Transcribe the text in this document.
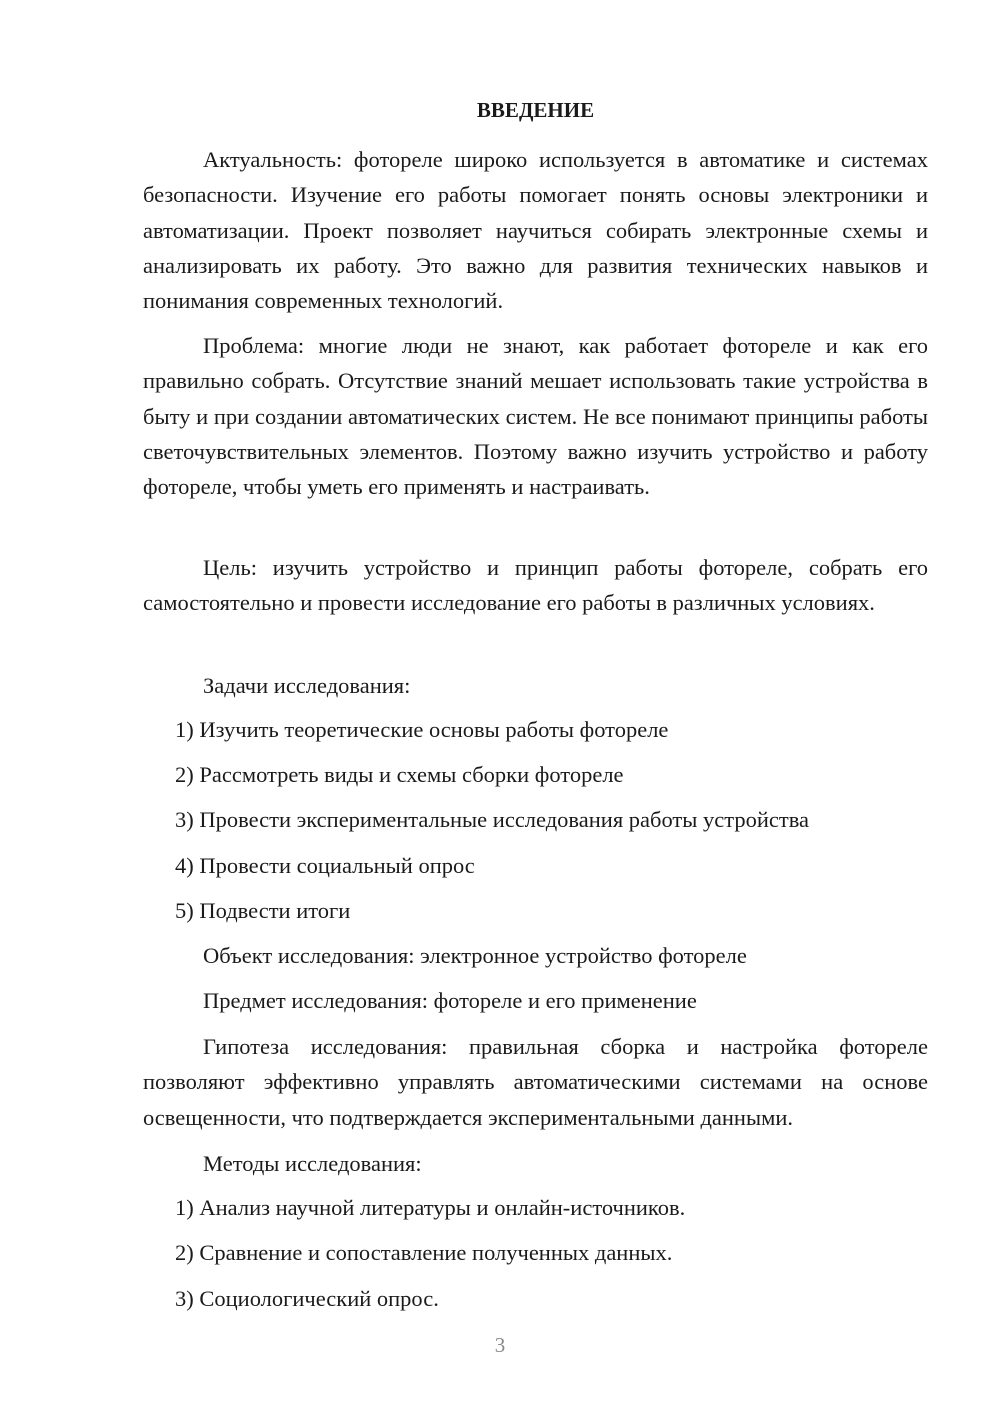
ВВЕДЕНИЕ

Актуальность: фотореле широко используется в автоматике и системах безопасности. Изучение его работы помогает понять основы электроники и автоматизации. Проект позволяет научиться собирать электронные схемы и анализировать их работу. Это важно для развития технических навыков и понимания современных технологий.

Проблема: многие люди не знают, как работает фотореле и как его правильно собрать. Отсутствие знаний мешает использовать такие устройства в быту и при создании автоматических систем. Не все понимают принципы работы светочувствительных элементов. Поэтому важно изучить устройство и работу фотореле, чтобы уметь его применять и настраивать.

Цель: изучить устройство и принцип работы фотореле, собрать его самостоятельно и провести исследование его работы в различных условиях.

Задачи исследования:

1) Изучить теоретические основы работы фотореле

2) Рассмотреть виды и схемы сборки фотореле

3) Провести экспериментальные исследования работы устройства

4) Провести социальный опрос

5) Подвести итоги

Объект исследования: электронное устройство фотореле

Предмет исследования: фотореле и его применение

Гипотеза исследования: правильная сборка и настройка фотореле позволяют эффективно управлять автоматическими системами на основе освещенности, что подтверждается экспериментальными данными.

Методы исследования:

1) Анализ научной литературы и онлайн-источников.

2) Сравнение и сопоставление полученных данных.

3) Социологический опрос.

3
